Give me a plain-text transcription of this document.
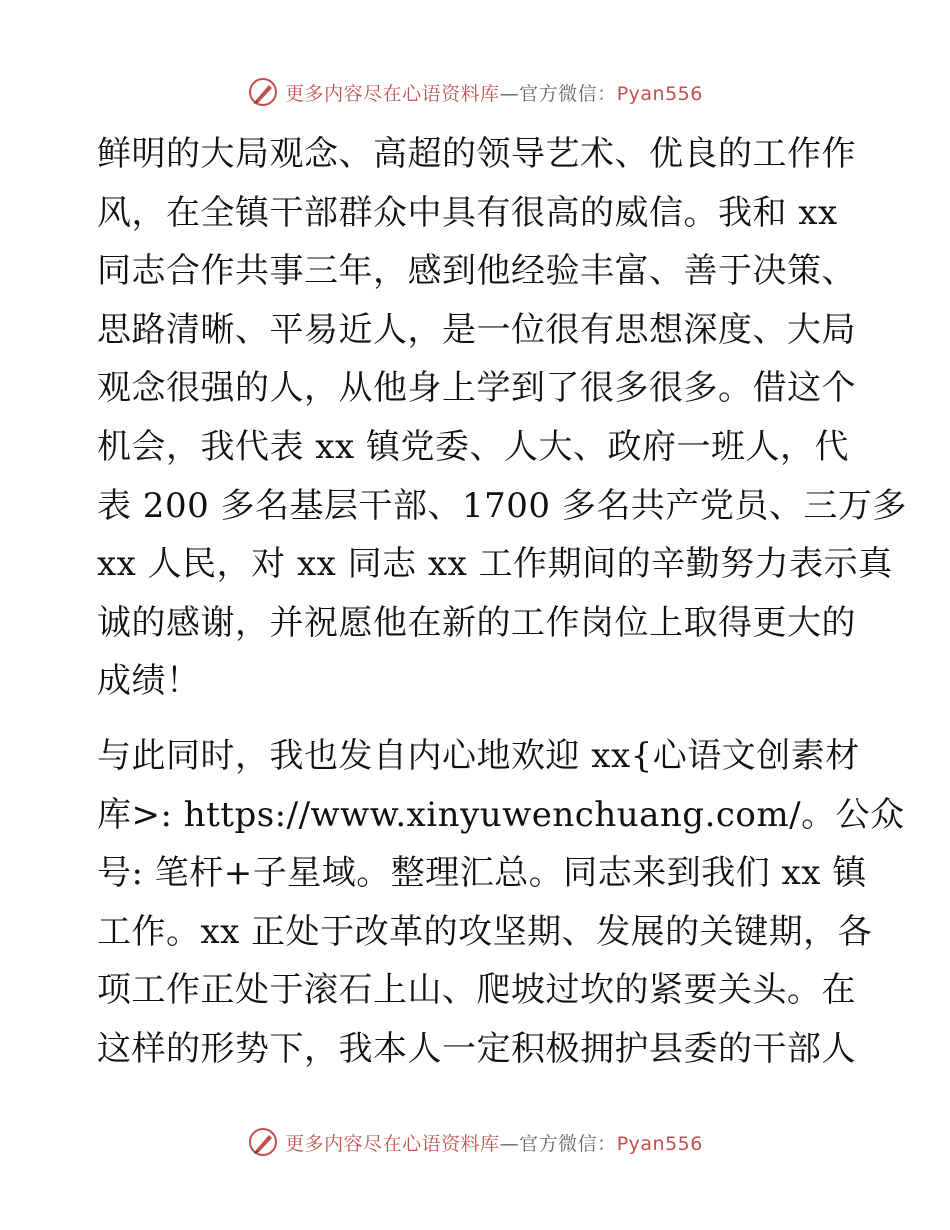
更多内容尽在心语资料库—官方微信：Pyan556
鲜明的大局观念、高超的领导艺术、优良的工作作
风，在全镇干部群众中具有很高的威信。我和 xx
同志合作共事三年，感到他经验丰富、善于决策、
思路清晰、平易近人，是一位很有思想深度、大局
观念很强的人，从他身上学到了很多很多。借这个
机会，我代表 xx 镇党委、人大、政府一班人，代
表 200 多名基层干部、1700 多名共产党员、三万多
xx 人民，对 xx 同志 xx 工作期间的辛勤努力表示真
诚的感谢，并祝愿他在新的工作岗位上取得更大的
成绩！
与此同时，我也发自内心地欢迎 xx{心语文创素材
库>: https://www.xinyuwenchuang.com/。公众
号: 笔杆+子星域。整理汇总。同志来到我们 xx 镇
工作。xx 正处于改革的攻坚期、发展的关键期，各
项工作正处于滚石上山、爬坡过坎的紧要关头。在
这样的形势下，我本人一定积极拥护县委的干部人
更多内容尽在心语资料库—官方微信：Pyan556
